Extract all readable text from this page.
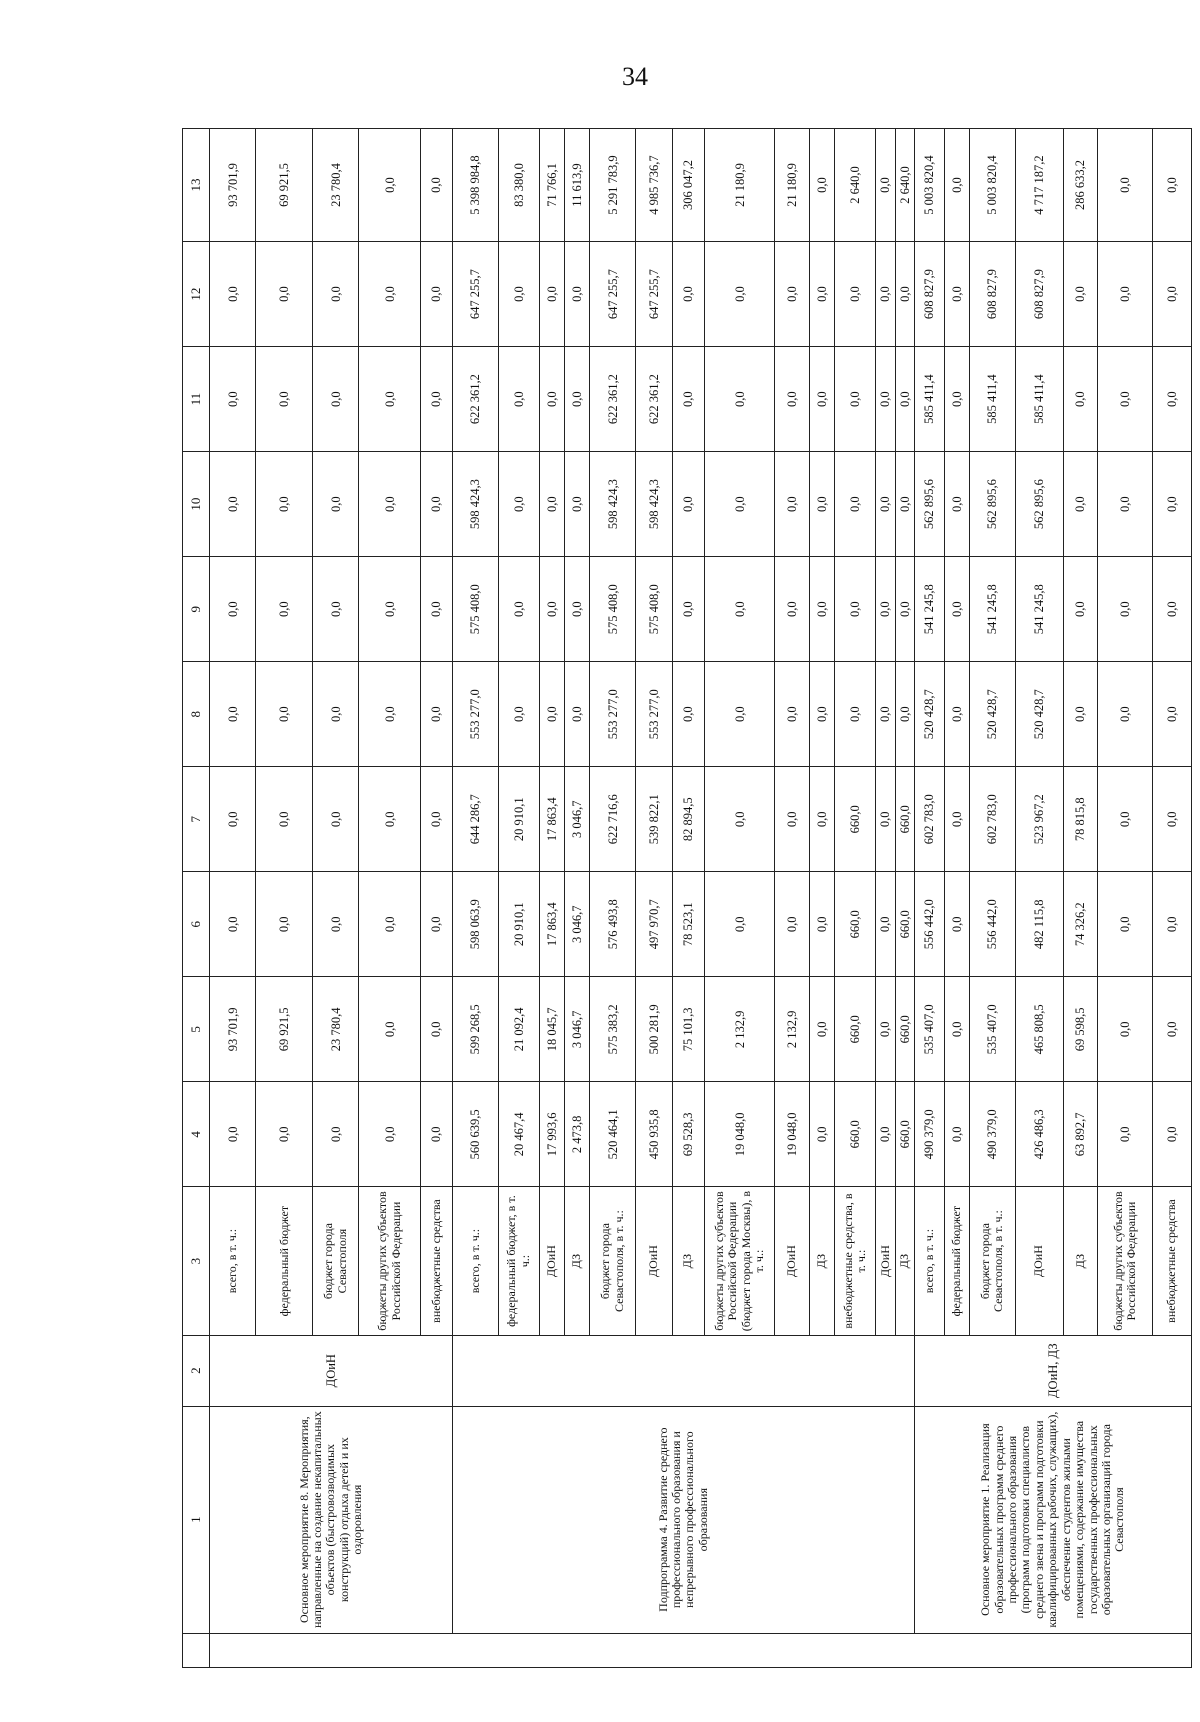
34
	1	2	3	4	5	6	7	8	9	10	11	12	13
	Основное мероприятие 8. Мероприятия, направленные на создание некапитальных объектов (быстровозводимых конструкций) отдыха детей и их оздоровления	ДОиН	всего, в т. ч.:	0,0	93 701,9	0,0	0,0	0,0	0,0	0,0	0,0	0,0	93 701,9
			федеральный бюджет	0,0	69 921,5	0,0	0,0	0,0	0,0	0,0	0,0	0,0	69 921,5
			бюджет города Севастополя	0,0	23 780,4	0,0	0,0	0,0	0,0	0,0	0,0	0,0	23 780,4
			бюджеты других субъектов Российской Федерации	0,0	0,0	0,0	0,0	0,0	0,0	0,0	0,0	0,0	0,0
			внебюджетные средства	0,0	0,0	0,0	0,0	0,0	0,0	0,0	0,0	0,0	0,0
	Подпрограмма 4. Развитие среднего профессионального образования и непрерывного профессионального образования		всего, в т. ч.:	560 639,5	599 268,5	598 063,9	644 286,7	553 277,0	575 408,0	598 424,3	622 361,2	647 255,7	5 398 984,8
			федеральный бюджет, в т. ч.:	20 467,4	21 092,4	20 910,1	20 910,1	0,0	0,0	0,0	0,0	0,0	83 380,0
			ДОиН	17 993,6	18 045,7	17 863,4	17 863,4	0,0	0,0	0,0	0,0	0,0	71 766,1
			ДЗ	2 473,8	3 046,7	3 046,7	3 046,7	0,0	0,0	0,0	0,0	0,0	11 613,9
			бюджет города Севастополя, в т. ч.:	520 464,1	575 383,2	576 493,8	622 716,6	553 277,0	575 408,0	598 424,3	622 361,2	647 255,7	5 291 783,9
			ДОиН	450 935,8	500 281,9	497 970,7	539 822,1	553 277,0	575 408,0	598 424,3	622 361,2	647 255,7	4 985 736,7
			ДЗ	69 528,3	75 101,3	78 523,1	82 894,5	0,0	0,0	0,0	0,0	0,0	306 047,2
			бюджеты других субъектов Российской Федерации (бюджет города Москвы), в т. ч.:	19 048,0	2 132,9	0,0	0,0	0,0	0,0	0,0	0,0	0,0	21 180,9
			ДОиН	19 048,0	2 132,9	0,0	0,0	0,0	0,0	0,0	0,0	0,0	21 180,9
			ДЗ	0,0	0,0	0,0	0,0	0,0	0,0	0,0	0,0	0,0	0,0
			внебюджетные средства, в т. ч.:	660,0	660,0	660,0	660,0	0,0	0,0	0,0	0,0	0,0	2 640,0
			ДОиН	0,0	0,0	0,0	0,0	0,0	0,0	0,0	0,0	0,0	0,0
			ДЗ	660,0	660,0	660,0	660,0	0,0	0,0	0,0	0,0	0,0	2 640,0
	Основное мероприятие 1. Реализация образовательных программ среднего профессионального образования (программ подготовки специалистов среднего звена и программ подготовки квалифицированных рабочих, служащих), обеспечение студентов жилыми помещениями, содержание имущества государственных профессиональных образовательных организаций города Севастополя	ДОиН, ДЗ	всего, в т. ч.:	490 379,0	535 407,0	556 442,0	602 783,0	520 428,7	541 245,8	562 895,6	585 411,4	608 827,9	5 003 820,4
			федеральный бюджет	0,0	0,0	0,0	0,0	0,0	0,0	0,0	0,0	0,0	0,0
			бюджет города Севастополя, в т. ч.:	490 379,0	535 407,0	556 442,0	602 783,0	520 428,7	541 245,8	562 895,6	585 411,4	608 827,9	5 003 820,4
			ДОиН	426 486,3	465 808,5	482 115,8	523 967,2	520 428,7	541 245,8	562 895,6	585 411,4	608 827,9	4 717 187,2
			ДЗ	63 892,7	69 598,5	74 326,2	78 815,8	0,0	0,0	0,0	0,0	0,0	286 633,2
			бюджеты других субъектов Российской Федерации	0,0	0,0	0,0	0,0	0,0	0,0	0,0	0,0	0,0	0,0
			внебюджетные средства	0,0	0,0	0,0	0,0	0,0	0,0	0,0	0,0	0,0	0,0
